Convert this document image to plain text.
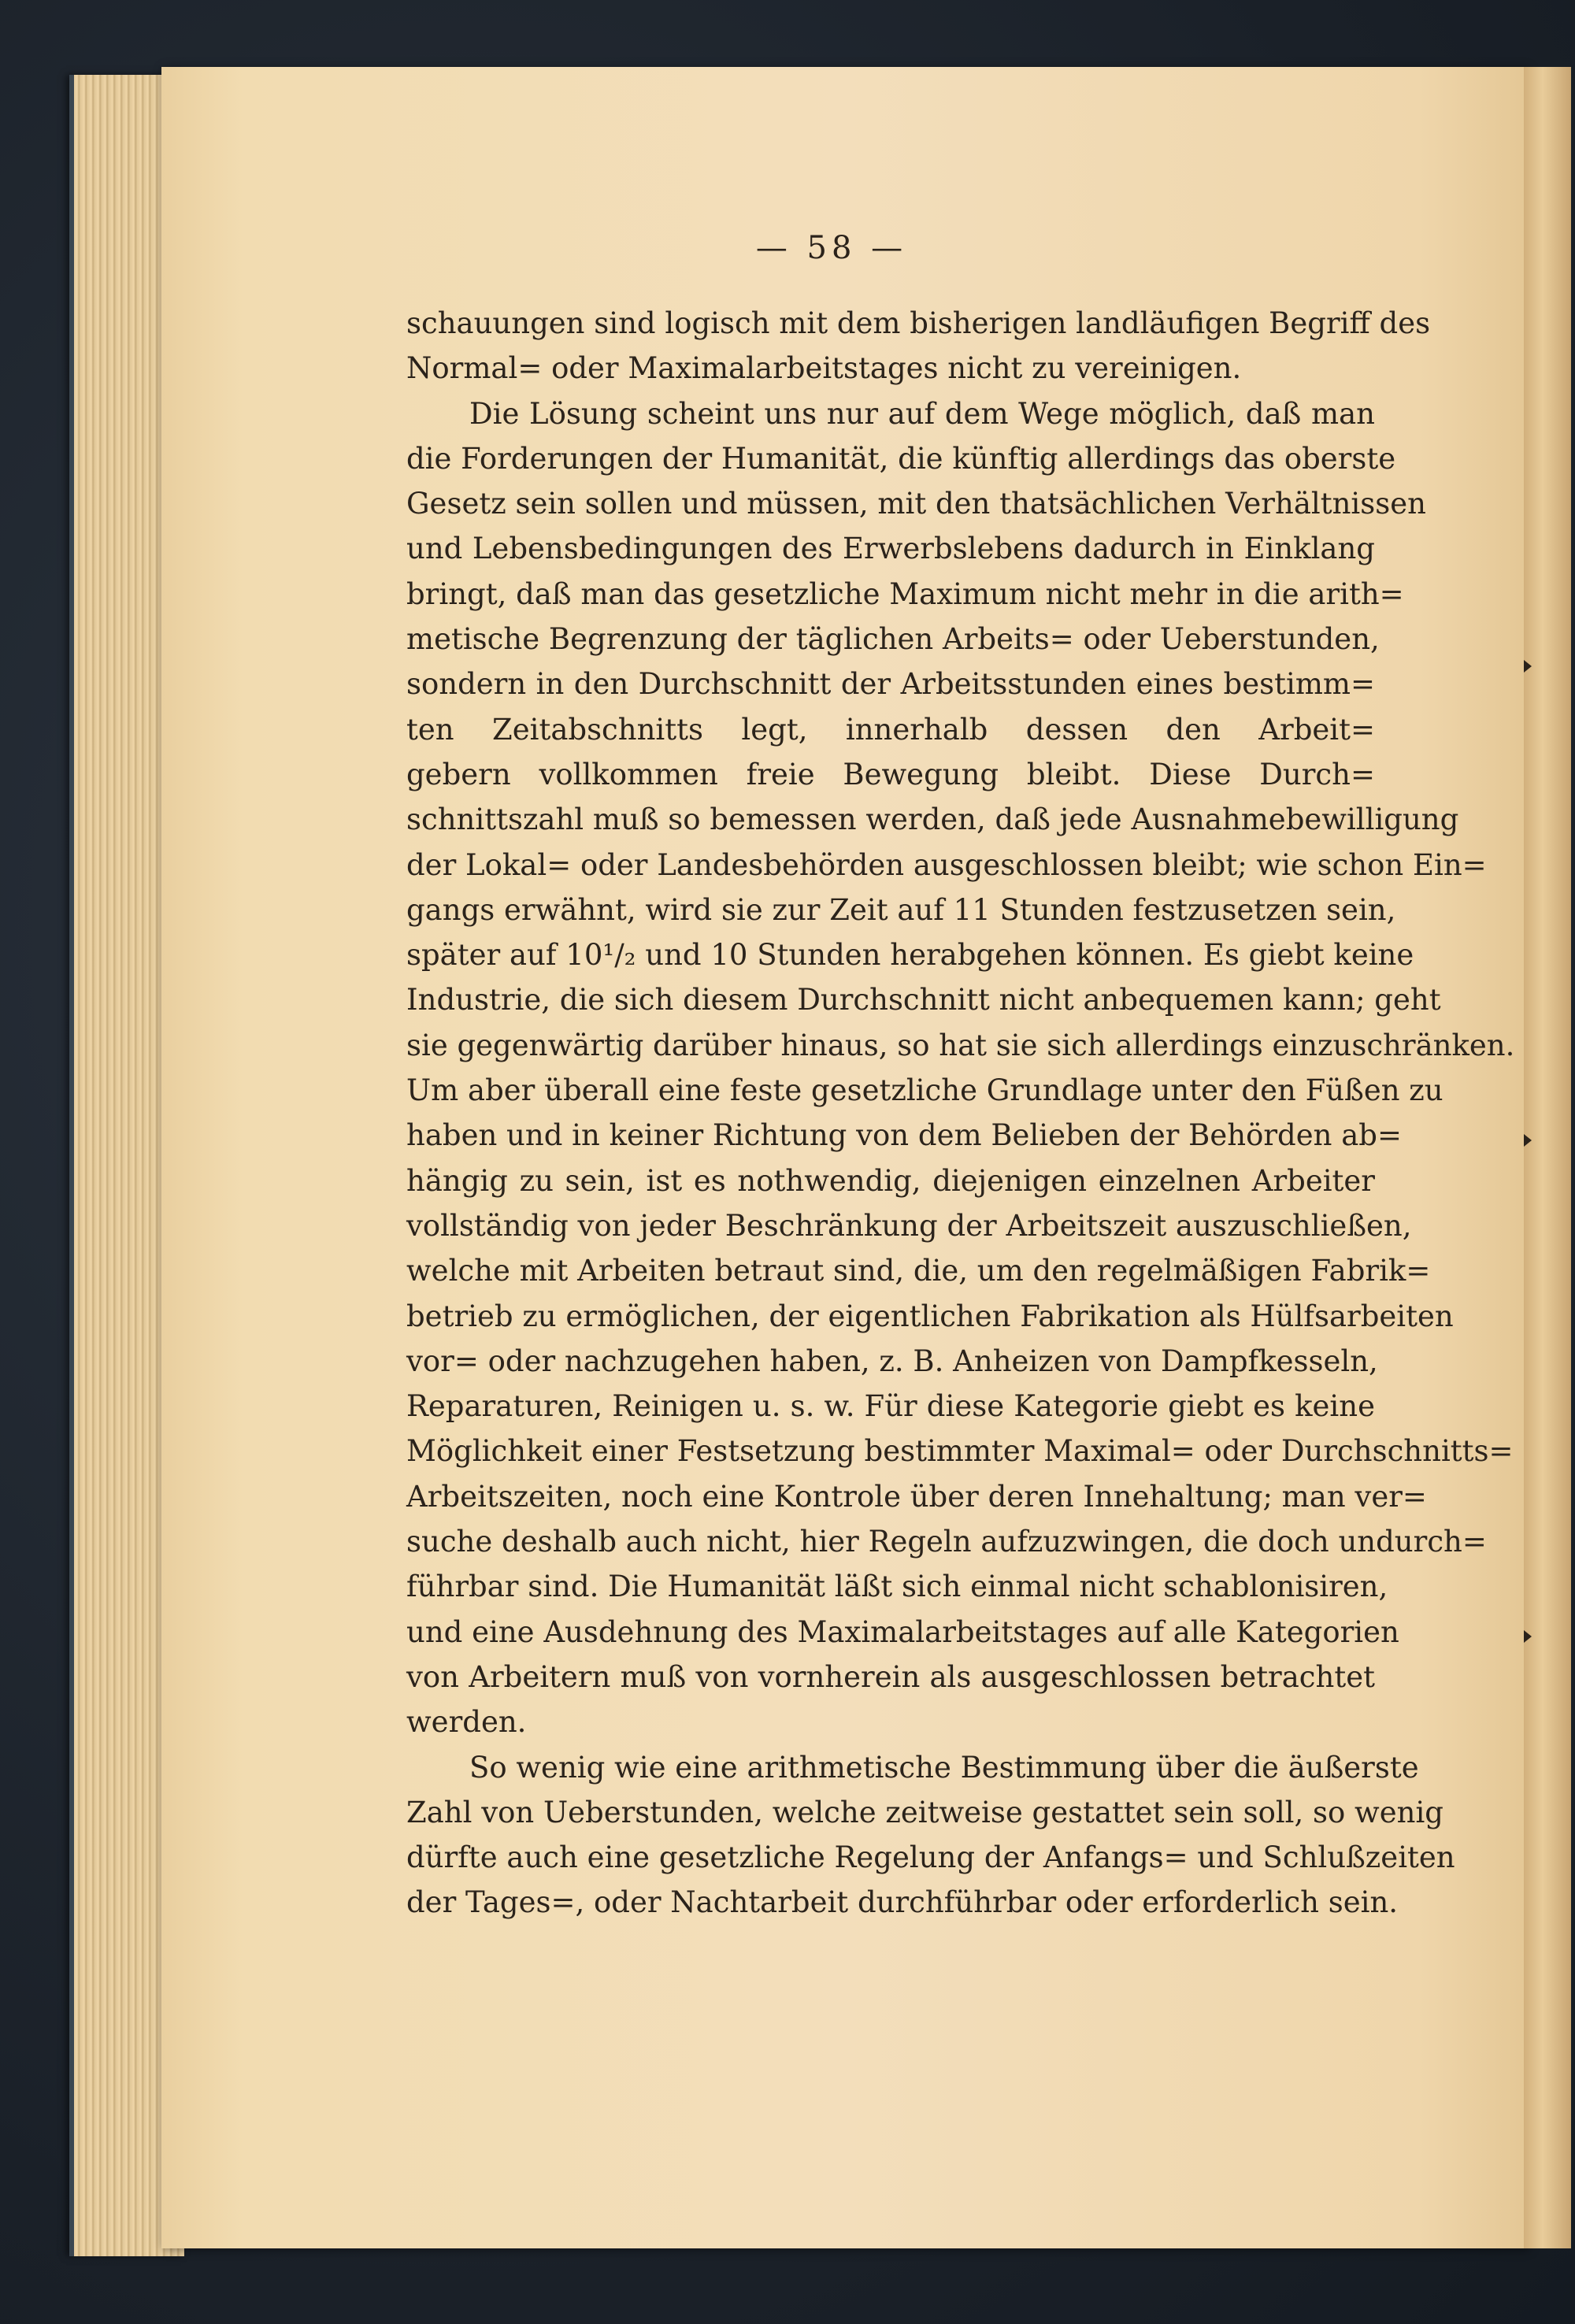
— 58 —
schauungen sind logisch mit dem bisherigen landläufigen Begriff des
Normal= oder Maximalarbeitstages nicht zu vereinigen.
Die Lösung scheint uns nur auf dem Wege möglich, daß man
die Forderungen der Humanität, die künftig allerdings das oberste
Gesetz sein sollen und müssen, mit den thatsächlichen Verhältnissen
und Lebensbedingungen des Erwerbslebens dadurch in Einklang
bringt, daß man das gesetzliche Maximum nicht mehr in die arith=
metische Begrenzung der täglichen Arbeits= oder Ueberstunden,
sondern in den Durchschnitt der Arbeitsstunden eines bestimm=
ten Zeitabschnitts legt, innerhalb dessen den Arbeit=
gebern vollkommen freie Bewegung bleibt. Diese Durch=
schnittszahl muß so bemessen werden, daß jede Ausnahmebewilligung
der Lokal= oder Landesbehörden ausgeschlossen bleibt; wie schon Ein=
gangs erwähnt, wird sie zur Zeit auf 11 Stunden festzusetzen sein,
später auf 10¹/₂ und 10 Stunden herabgehen können. Es giebt keine
Industrie, die sich diesem Durchschnitt nicht anbequemen kann; geht
sie gegenwärtig darüber hinaus, so hat sie sich allerdings einzuschränken.
Um aber überall eine feste gesetzliche Grundlage unter den Füßen zu
haben und in keiner Richtung von dem Belieben der Behörden ab=
hängig zu sein, ist es nothwendig, diejenigen einzelnen Arbeiter
vollständig von jeder Beschränkung der Arbeitszeit auszuschließen,
welche mit Arbeiten betraut sind, die, um den regelmäßigen Fabrik=
betrieb zu ermöglichen, der eigentlichen Fabrikation als Hülfsarbeiten
vor= oder nachzugehen haben, z. B. Anheizen von Dampfkesseln,
Reparaturen, Reinigen u. s. w. Für diese Kategorie giebt es keine
Möglichkeit einer Festsetzung bestimmter Maximal= oder Durchschnitts=
Arbeitszeiten, noch eine Kontrole über deren Innehaltung; man ver=
suche deshalb auch nicht, hier Regeln aufzuzwingen, die doch undurch=
führbar sind. Die Humanität läßt sich einmal nicht schablonisiren,
und eine Ausdehnung des Maximalarbeitstages auf alle Kategorien
von Arbeitern muß von vornherein als ausgeschlossen betrachtet
werden.
So wenig wie eine arithmetische Bestimmung über die äußerste
Zahl von Ueberstunden, welche zeitweise gestattet sein soll, so wenig
dürfte auch eine gesetzliche Regelung der Anfangs= und Schlußzeiten
der Tages=, oder Nachtarbeit durchführbar oder erforderlich sein.
